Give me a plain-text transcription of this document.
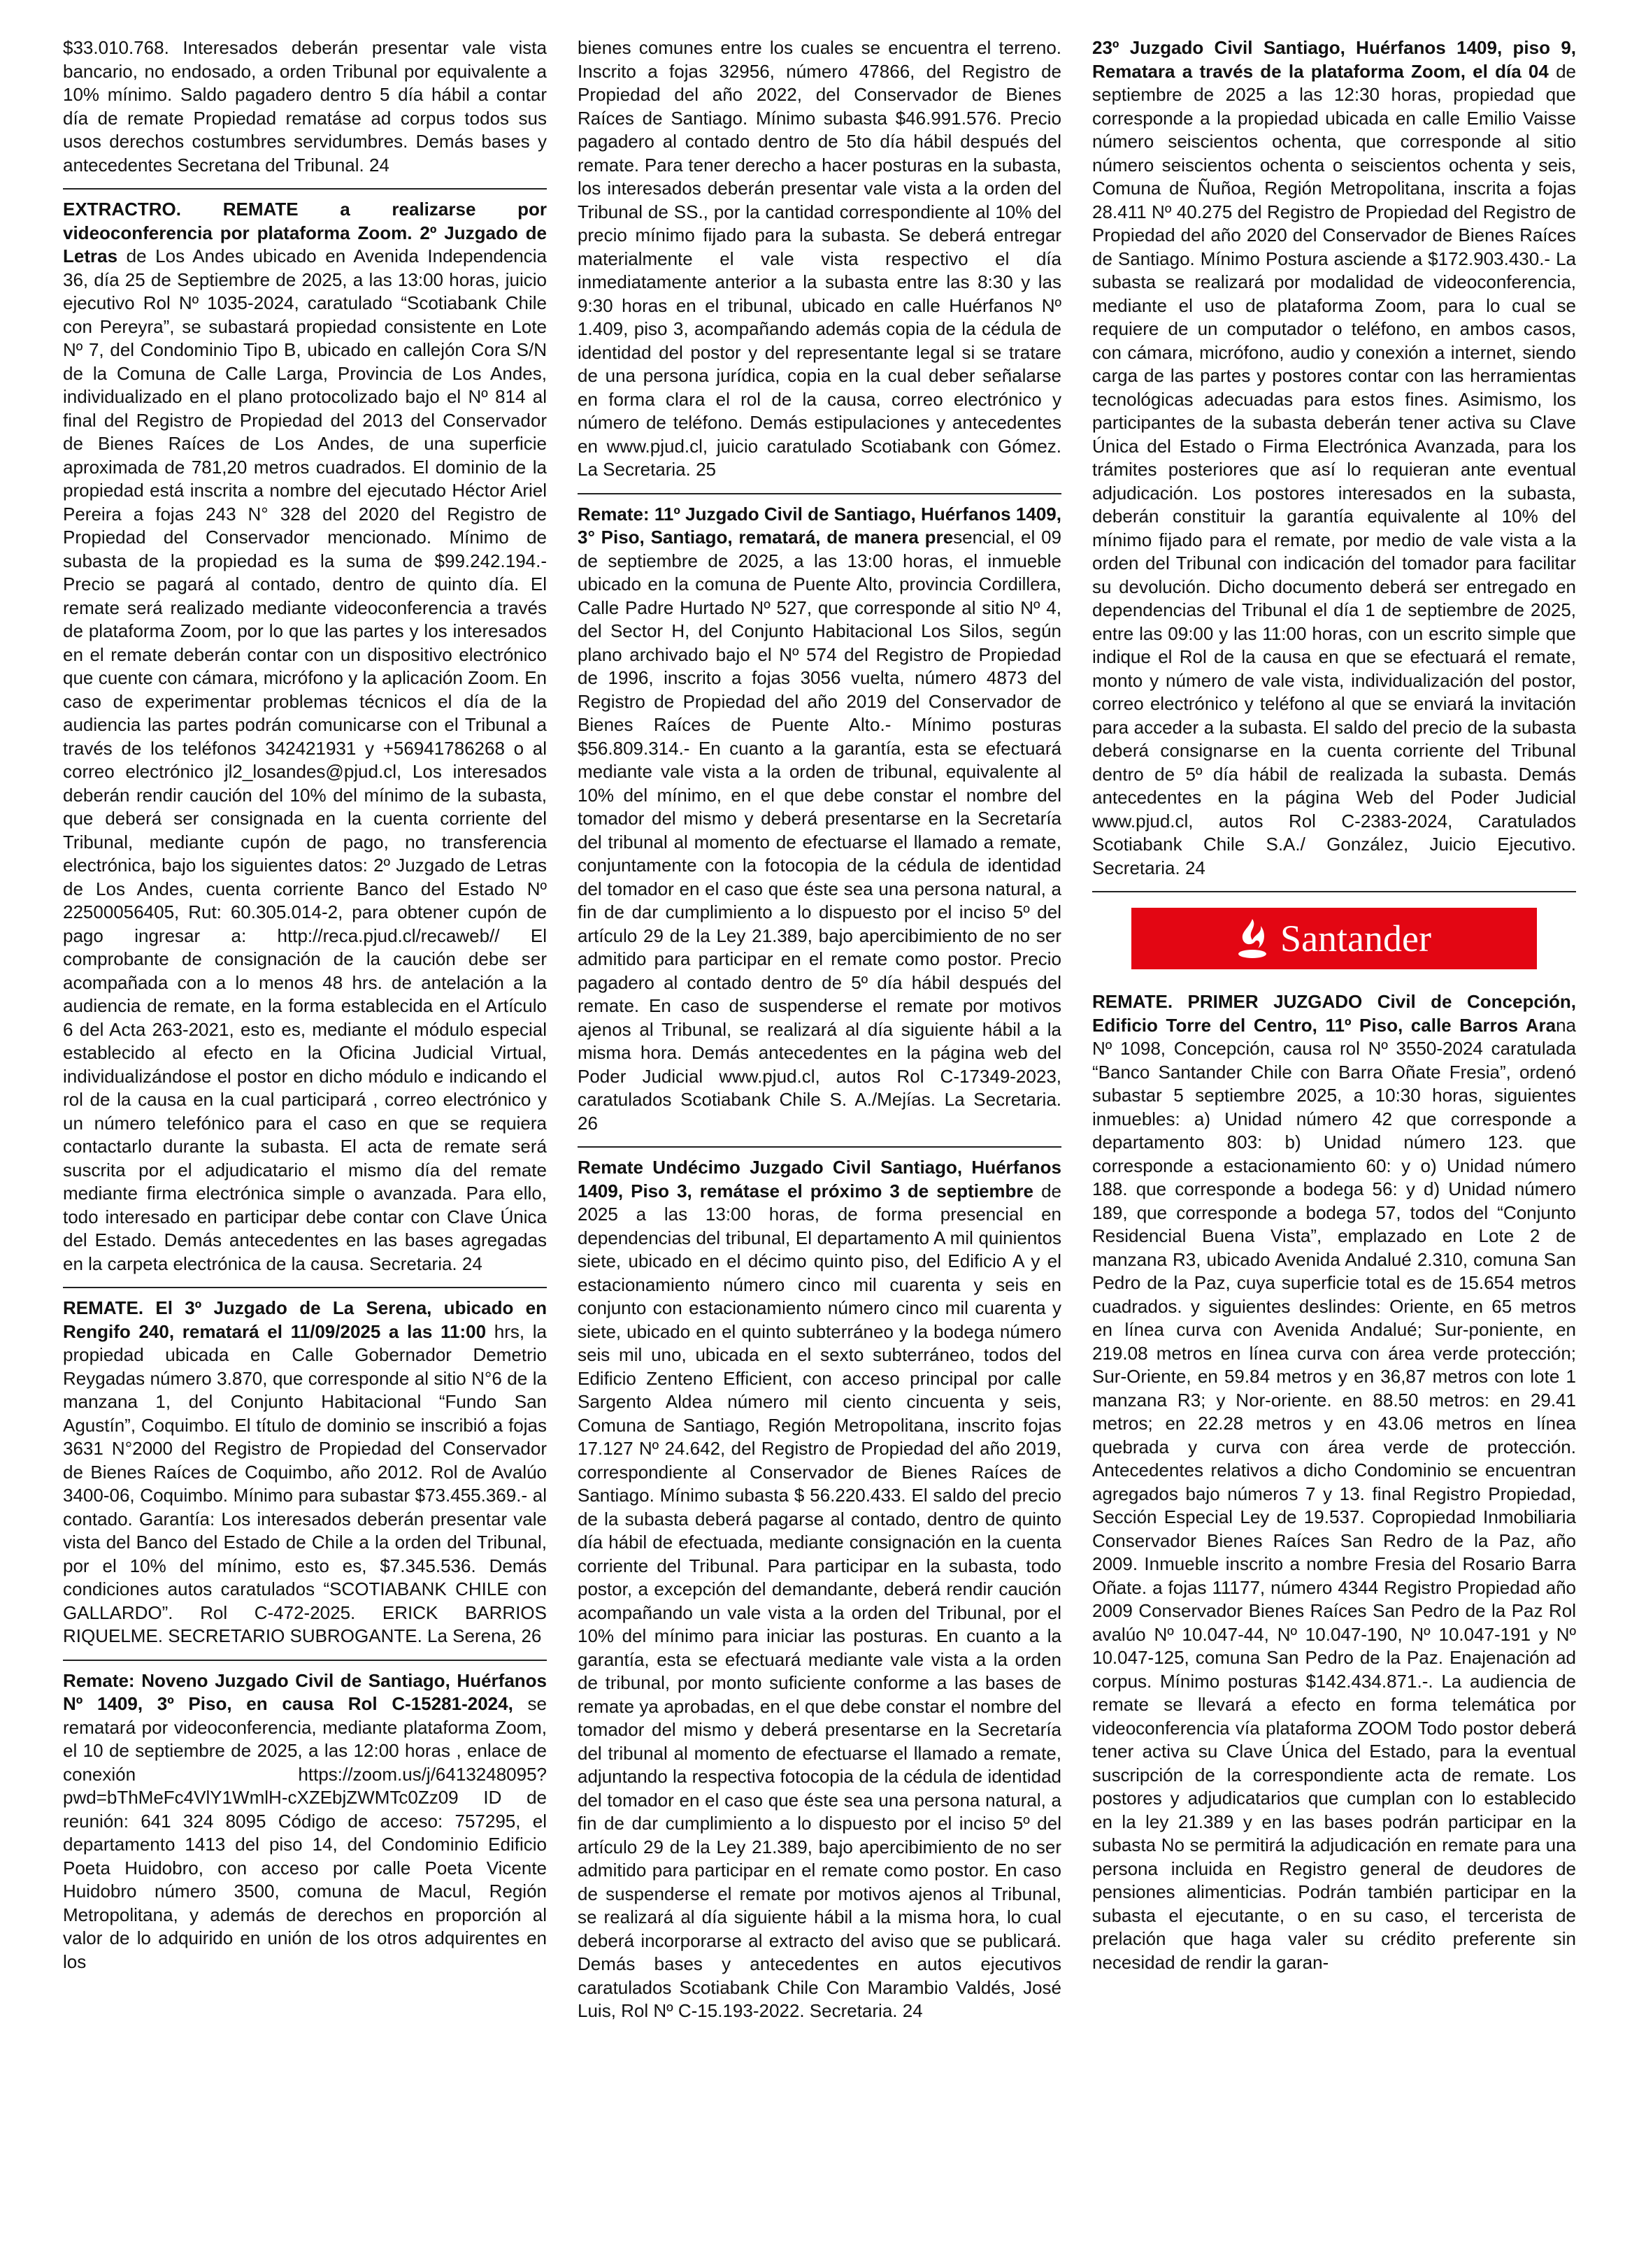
$33.010.768. Interesados deberán presentar vale vista bancario, no endosado, a orden Tribunal por equivalente a 10% mínimo. Saldo pagadero dentro 5 día hábil a contar día de remate Propiedad rematáse ad corpus todos sus usos derechos costumbres servidumbres. Demás bases y antecedentes Secretana del Tribunal. 24
EXTRACTRO. REMATE a realizarse por videoconferencia por plataforma Zoom. 2º Juzgado de Letras de Los Andes ubicado en Avenida Independencia 36, día 25 de Septiembre de 2025, a las 13:00 horas, juicio ejecutivo Rol Nº 1035-2024, caratulado “Scotiabank Chile con Pereyra”, se subastará propiedad consistente en Lote Nº 7, del Condominio Tipo B, ubicado en callejón Cora S/N de la Comuna de Calle Larga, Provincia de Los Andes, individualizado en el plano protocolizado bajo el Nº 814 al final del Registro de Propiedad del 2013 del Conservador de Bienes Raíces de Los Andes, de una superficie aproximada de 781,20 metros cuadrados. El dominio de la propiedad está inscrita a nombre del ejecutado Héctor Ariel Pereira a fojas 243 N° 328 del 2020 del Registro de Propiedad del Conservador mencionado. Mínimo de subasta de la propiedad es la suma de $99.242.194.- Precio se pagará al contado, dentro de quinto día. El remate será realizado mediante videoconferencia a través de plataforma Zoom, por lo que las partes y los interesados en el remate deberán contar con un dispositivo electrónico que cuente con cámara, micrófono y la aplicación Zoom. En caso de experimentar problemas técnicos el día de la audiencia las partes podrán comunicarse con el Tribunal a través de los teléfonos 342421931 y +56941786268 o al correo electrónico jl2_losandes@pjud.cl, Los interesados deberán rendir caución del 10% del mínimo de la subasta, que deberá ser consignada en la cuenta corriente del Tribunal, mediante cupón de pago, no transferencia electrónica, bajo los siguientes datos: 2º Juzgado de Letras de Los Andes, cuenta corriente Banco del Estado Nº 22500056405, Rut: 60.305.014-2, para obtener cupón de pago ingresar a: http://reca.pjud.cl/recaweb// El comprobante de consignación de la caución debe ser acompañada con a lo menos 48 hrs. de antelación a la audiencia de remate, en la forma establecida en el Artículo 6 del Acta 263-2021, esto es, mediante el módulo especial establecido al efecto en la Oficina Judicial Virtual, individualizándose el postor en dicho módulo e indicando el rol de la causa en la cual participará , correo electrónico y un número telefónico para el caso en que se requiera contactarlo durante la subasta. El acta de remate será suscrita por el adjudicatario el mismo día del remate mediante firma electrónica simple o avanzada. Para ello, todo interesado en participar debe contar con Clave Única del Estado. Demás antecedentes en las bases agregadas en la carpeta electrónica de la causa. Secretaria. 24
REMATE. El 3º Juzgado de La Serena, ubicado en Rengifo 240, rematará el 11/09/2025 a las 11:00 hrs, la propiedad ubicada en Calle Gobernador Demetrio Reygadas número 3.870, que corresponde al sitio N°6 de la manzana 1, del Conjunto Habitacional “Fundo San Agustín”, Coquimbo. El título de dominio se inscribió a fojas 3631 N°2000 del Registro de Propiedad del Conservador de Bienes Raíces de Coquimbo, año 2012. Rol de Avalúo 3400-06, Coquimbo. Mínimo para subastar $73.455.369.- al contado. Garantía: Los interesados deberán presentar vale vista del Banco del Estado de Chile a la orden del Tribunal, por el 10% del mínimo, esto es, $7.345.536. Demás condiciones autos caratulados “SCOTIABANK CHILE con GALLARDO”. Rol C-472-2025. ERICK BARRIOS RIQUELME. SECRETARIO SUBROGANTE. La Serena, 26
Remate: Noveno Juzgado Civil de Santiago, Huérfanos Nº 1409, 3º Piso, en causa Rol C-15281-2024, se rematará por videoconferencia, mediante plataforma Zoom, el 10 de septiembre de 2025, a las 12:00 horas , enlace de conexión https://zoom.us/j/6413248095?pwd=bThMeFc4VlY1WmlH-cXZEbjZWMTc0Zz09 ID de reunión: 641 324 8095 Código de acceso: 757295, el departamento 1413 del piso 14, del Condominio Edificio Poeta Huidobro, con acceso por calle Poeta Vicente Huidobro número 3500, comuna de Macul, Región Metropolitana, y además de derechos en proporción al valor de lo adquirido en unión de los otros adquirentes en los
bienes comunes entre los cuales se encuentra el terreno. Inscrito a fojas 32956, número 47866, del Registro de Propiedad del año 2022, del Conservador de Bienes Raíces de Santiago. Mínimo subasta $46.991.576. Precio pagadero al contado dentro de 5to día hábil después del remate. Para tener derecho a hacer posturas en la subasta, los interesados deberán presentar vale vista a la orden del Tribunal de SS., por la cantidad correspondiente al 10% del precio mínimo fijado para la subasta. Se deberá entregar materialmente el vale vista respectivo el día inmediatamente anterior a la subasta entre las 8:30 y las 9:30 horas en el tribunal, ubicado en calle Huérfanos Nº 1.409, piso 3, acompañando además copia de la cédula de identidad del postor y del representante legal si se tratare de una persona jurídica, copia en la cual deber señalarse en forma clara el rol de la causa, correo electrónico y número de teléfono. Demás estipulaciones y antecedentes en www.pjud.cl, juicio caratulado Scotiabank con Gómez. La Secretaria. 25
Remate: 11º Juzgado Civil de Santiago, Huérfanos 1409, 3° Piso, Santiago, rematará, de manera presencial, el 09 de septiembre de 2025, a las 13:00 horas, el inmueble ubicado en la comuna de Puente Alto, provincia Cordillera, Calle Padre Hurtado Nº 527, que corresponde al sitio Nº 4, del Sector H, del Conjunto Habitacional Los Silos, según plano archivado bajo el Nº 574 del Registro de Propiedad de 1996, inscrito a fojas 3056 vuelta, número 4873 del Registro de Propiedad del año 2019 del Conservador de Bienes Raíces de Puente Alto.- Mínimo posturas $56.809.314.- En cuanto a la garantía, esta se efectuará mediante vale vista a la orden de tribunal, equivalente al 10% del mínimo, en el que debe constar el nombre del tomador del mismo y deberá presentarse en la Secretaría del tribunal al momento de efectuarse el llamado a remate, conjuntamente con la fotocopia de la cédula de identidad del tomador en el caso que éste sea una persona natural, a fin de dar cumplimiento a lo dispuesto por el inciso 5º del artículo 29 de la Ley 21.389, bajo apercibimiento de no ser admitido para participar en el remate como postor. Precio pagadero al contado dentro de 5º día hábil después del remate. En caso de suspenderse el remate por motivos ajenos al Tribunal, se realizará al día siguiente hábil a la misma hora. Demás antecedentes en la página web del Poder Judicial www.pjud.cl, autos Rol C-17349-2023, caratulados Scotiabank Chile S. A./Mejías. La Secretaria. 26
Remate Undécimo Juzgado Civil Santiago, Huérfanos 1409, Piso 3, remátase el próximo 3 de septiembre de 2025 a las 13:00 horas, de forma presencial en dependencias del tribunal, El departamento A mil quinientos siete, ubicado en el décimo quinto piso, del Edificio A y el estacionamiento número cinco mil cuarenta y seis en conjunto con estacionamiento número cinco mil cuarenta y siete, ubicado en el quinto subterráneo y la bodega número seis mil uno, ubicada en el sexto subterráneo, todos del Edificio Zenteno Efficient, con acceso principal por calle Sargento Aldea número mil ciento cincuenta y seis, Comuna de Santiago, Región Metropolitana, inscrito fojas 17.127 Nº 24.642, del Registro de Propiedad del año 2019, correspondiente al Conservador de Bienes Raíces de Santiago. Mínimo subasta $ 56.220.433. El saldo del precio de la subasta deberá pagarse al contado, dentro de quinto día hábil de efectuada, mediante consignación en la cuenta corriente del Tribunal. Para participar en la subasta, todo postor, a excepción del demandante, deberá rendir caución acompañando un vale vista a la orden del Tribunal, por el 10% del mínimo para iniciar las posturas. En cuanto a la garantía, esta se efectuará mediante vale vista a la orden de tribunal, por monto suficiente conforme a las bases de remate ya aprobadas, en el que debe constar el nombre del tomador del mismo y deberá presentarse en la Secretaría del tribunal al momento de efectuarse el llamado a remate, adjuntando la respectiva fotocopia de la cédula de identidad del tomador en el caso que éste sea una persona natural, a fin de dar cumplimiento a lo dispuesto por el inciso 5º del artículo 29 de la Ley 21.389, bajo apercibimiento de no ser admitido para participar en el remate como postor. En caso de suspenderse el remate por motivos ajenos al Tribunal, se realizará al día siguiente hábil a la misma hora, lo cual deberá incorporarse al extracto del aviso que se publicará. Demás bases y antecedentes en autos ejecutivos caratulados Scotiabank Chile Con Marambio Valdés, José Luis, Rol Nº C-15.193-2022. Secretaria. 24
23º Juzgado Civil Santiago, Huérfanos 1409, piso 9, Rematara a través de la plataforma Zoom, el día 04 de septiembre de 2025 a las 12:30 horas, propiedad que corresponde a la propiedad ubicada en calle Emilio Vaisse número seiscientos ochenta, que corresponde al sitio número seiscientos ochenta o seiscientos ochenta y seis, Comuna de Ñuñoa, Región Metropolitana, inscrita a fojas 28.411 Nº 40.275 del Registro de Propiedad del Registro de Propiedad del año 2020 del Conservador de Bienes Raíces de Santiago. Mínimo Postura asciende a $172.903.430.- La subasta se realizará por modalidad de videoconferencia, mediante el uso de plataforma Zoom, para lo cual se requiere de un computador o teléfono, en ambos casos, con cámara, micrófono, audio y conexión a internet, siendo carga de las partes y postores contar con las herramientas tecnológicas adecuadas para estos fines. Asimismo, los participantes de la subasta deberán tener activa su Clave Única del Estado o Firma Electrónica Avanzada, para los trámites posteriores que así lo requieran ante eventual adjudicación. Los postores interesados en la subasta, deberán constituir la garantía equivalente al 10% del mínimo fijado para el remate, por medio de vale vista a la orden del Tribunal con indicación del tomador para facilitar su devolución. Dicho documento deberá ser entregado en dependencias del Tribunal el día 1 de septiembre de 2025, entre las 09:00 y las 11:00 horas, con un escrito simple que indique el Rol de la causa en que se efectuará el remate, monto y número de vale vista, individualización del postor, correo electrónico y teléfono al que se enviará la invitación para acceder a la subasta. El saldo del precio de la subasta deberá consignarse en la cuenta corriente del Tribunal dentro de 5º día hábil de realizada la subasta. Demás antecedentes en la página Web del Poder Judicial www.pjud.cl, autos Rol C-2383-2024, Caratulados Scotiabank Chile S.A./ González, Juicio Ejecutivo. Secretaria. 24
Santander
REMATE. PRIMER JUZGADO Civil de Concepción, Edificio Torre del Centro, 11º Piso, calle Barros Arana Nº 1098, Concepción, causa rol Nº 3550-2024 caratulada “Banco Santander Chile con Barra Oñate Fresia”, ordenó subastar 5 septiembre 2025, a 10:30 horas, siguientes inmuebles: a) Unidad número 42 que corresponde a departamento 803: b) Unidad número 123. que corresponde a estacionamiento 60: y o) Unidad número 188. que corresponde a bodega 56: y d) Unidad número 189, que corresponde a bodega 57, todos del “Conjunto Residencial Buena Vista”, emplazado en Lote 2 de manzana R3, ubicado Avenida Andalué 2.310, comuna San Pedro de la Paz, cuya superficie total es de 15.654 metros cuadrados. y siguientes deslindes: Oriente, en 65 metros en línea curva con Avenida Andalué; Sur-poniente, en 219.08 metros en línea curva con área verde protección; Sur-Oriente, en 59.84 metros y en 36,87 metros con lote 1 manzana R3; y Nor-oriente. en 88.50 metros: en 29.41 metros; en 22.28 metros y en 43.06 metros en línea quebrada y curva con área verde de protección. Antecedentes relativos a dicho Condominio se encuentran agregados bajo números 7 y 13. final Registro Propiedad, Sección Especial Ley de 19.537. Copropiedad Inmobiliaria Conservador Bienes Raíces San Redro de la Paz, año 2009. Inmueble inscrito a nombre Fresia del Rosario Barra Oñate. a fojas 11177, número 4344 Registro Propiedad año 2009 Conservador Bienes Raíces San Pedro de la Paz Rol avalúo Nº 10.047-44, Nº 10.047-190, Nº 10.047-191 y Nº 10.047-125, comuna San Pedro de la Paz. Enajenación ad corpus. Mínimo posturas $142.434.871.-. La audiencia de remate se llevará a efecto en forma telemática por videoconferencia vía plataforma ZOOM Todo postor deberá tener activa su Clave Única del Estado, para la eventual suscripción de la correspondiente acta de remate. Los postores y adjudicatarios que cumplan con lo establecido en la ley 21.389 y en las bases podrán participar en la subasta No se permitirá la adjudicación en remate para una persona incluida en Registro general de deudores de pensiones alimenticias. Podrán también participar en la subasta el ejecutante, o en su caso, el tercerista de prelación que haga valer su crédito preferente sin necesidad de rendir la garan-
